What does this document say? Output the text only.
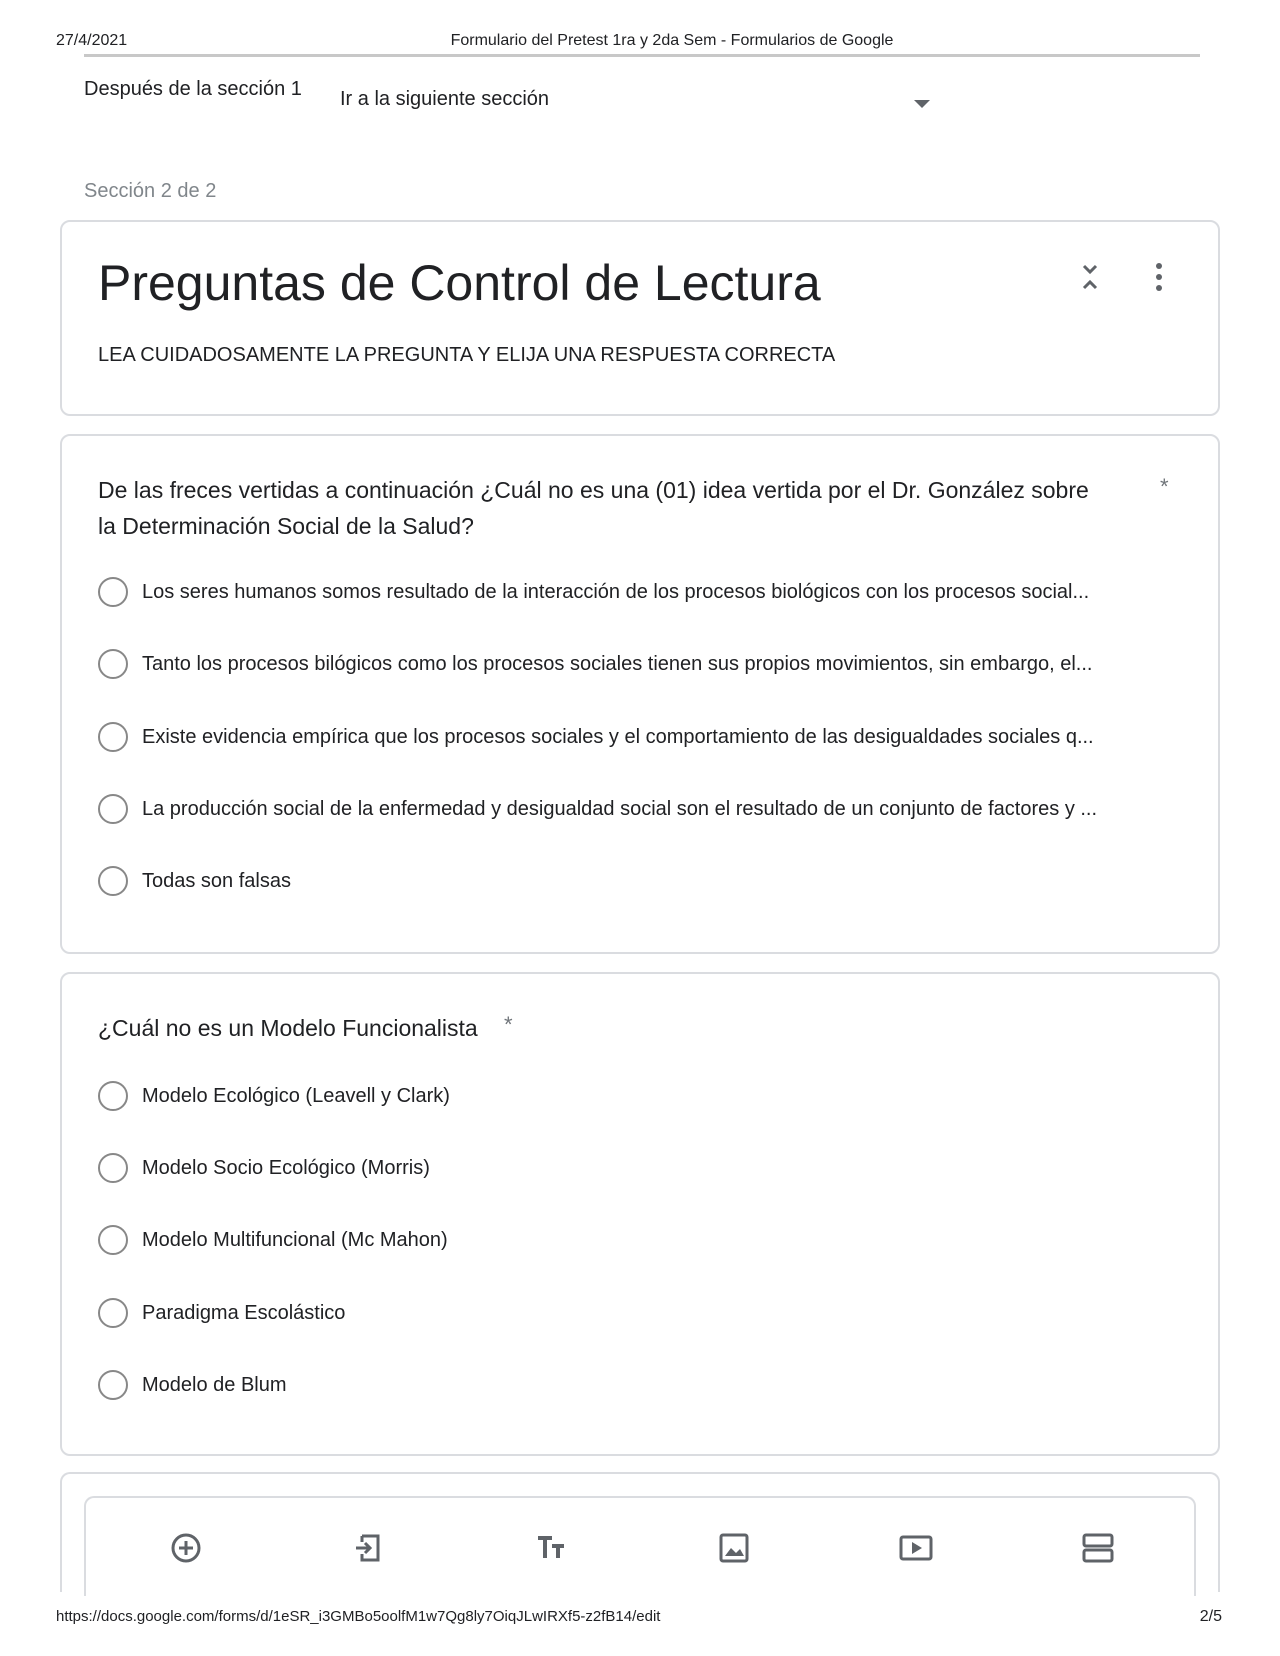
27/4/2021	Formulario del Pretest 1ra y 2da Sem - Formularios de Google
Después de la sección 1 Ir a la siguiente sección
Sección 2 de 2
Preguntas de Control de Lectura
LEA CUIDADOSAMENTE LA PREGUNTA Y ELIJA UNA RESPUESTA CORRECTA
De las freces vertidas a continuación ¿Cuál no es una (01) idea vertida por el Dr. González sobre
la Determinación Social de la Salud?
*
Los seres humanos somos resultado de la interacción de los procesos biológicos con los procesos social...
Tanto los procesos bilógicos como los procesos sociales tienen sus propios movimientos, sin embargo, el...
Existe evidencia empírica que los procesos sociales y el comportamiento de las desigualdades sociales q...
La producción social de la enfermedad y desigualdad social son el resultado de un conjunto de factores y ...
Todas son falsas
¿Cuál no es un Modelo Funcionalista *
Modelo Ecológico (Leavell y Clark)
Modelo Socio Ecológico (Morris)
Modelo Multifuncional (Mc Mahon)
Paradigma Escolástico
Modelo de Blum
https://docs.google.com/forms/d/1eSR_i3GMBo5oolfM1w7Qg8ly7OiqJLwIRXf5-z2fB14/edit	2/5
